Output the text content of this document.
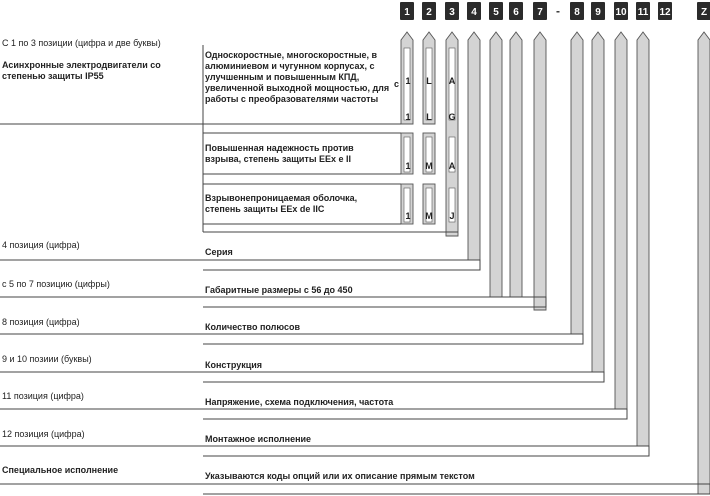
1 2 3 4 5 6 7 - 8 9 10 11 12	Z

С 1 по 3 позиции (цифра и две буквы)

Асинхронные электродвигатели со степенью защиты IP55

4 позиция (цифра)

с 5 по 7 позицию (цифры)

8 позиция (цифра)

9 и 10 позиии (буквы)

11 позиция (цифра)

12 позиция (цифра)

Специальное исполнение

Односкоростные, многоскоростные, в алюминиевом и чугунном корпусах, с улучшенным и повышенным КПД, увеличенной выходной мощностью, для работы с преобразователями частоты

Повышенная надежность против взрыва, степень защиты EEx e II

Взрывонепроницаемая оболочка, степень защиты EEx de IIC

Серия

Габаритные размеры с 56 до 450

Количество полюсов

Конструкция

Напряжение, схема подключения, частота

Монтажное исполнение

Указываются коды опций или их описание прямым текстом

1	L	A

с

1	L	G

1	M	A

1	M	J
